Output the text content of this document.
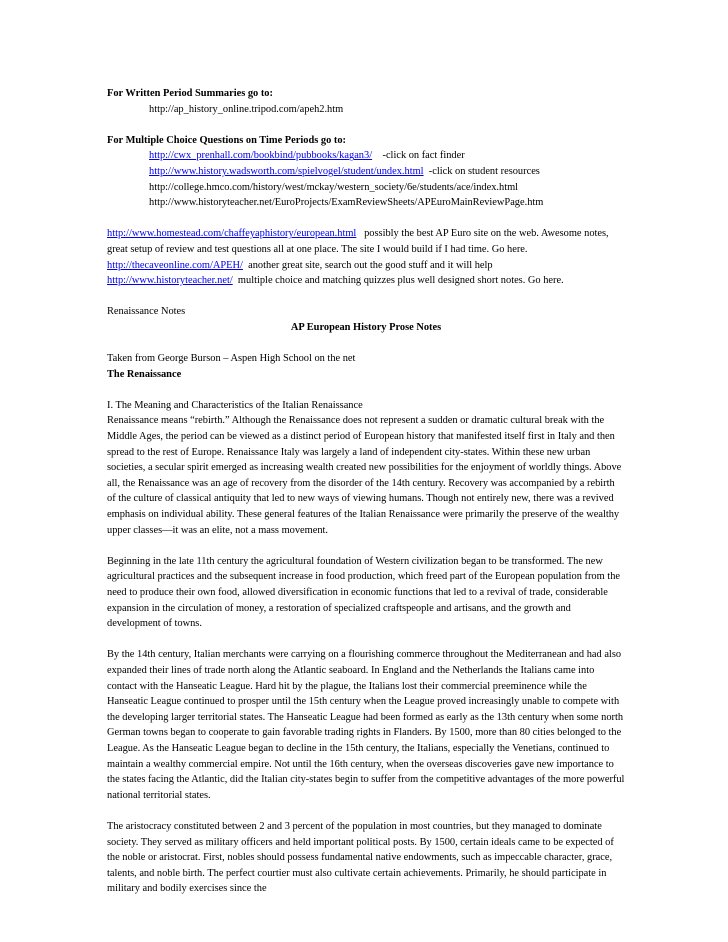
For Written Period Summaries go to:
http://ap_history_online.tripod.com/apeh2.htm
For Multiple Choice Questions on Time Periods go to:
http://cwx_prenhall.com/bookbind/pubbooks/kagan3/ -click on fact finder
http://www.history.wadsworth.com/spielvogel/student/undex.html -click on student resources
http://college.hmco.com/history/west/mckay/western_society/6e/students/ace/index.html
http://www.historyteacher.net/EuroProjects/ExamReviewSheets/APEuroMainReviewPage.htm

http://www.homestead.com/chaffeyaphistory/european.html possibly the best AP Euro site on the web. Awesome notes, great setup of review and test questions all at one place. The site I would build if I had time. Go here.

http://thecaveonline.com/APEH/ another great site, search out the good stuff and it will help

http://www.historyteacher.net/ multiple choice and matching quizzes plus well designed short notes. Go here.

Renaissance Notes
AP European History Prose Notes
Taken from George Burson – Aspen High School on the net
The Renaissance
I. The Meaning and Characteristics of the Italian Renaissance

Renaissance means “rebirth.” Although the Renaissance does not represent a sudden or dramatic cultural break with the Middle Ages, the period can be viewed as a distinct period of European history that manifested itself first in Italy and then spread to the rest of Europe. Renaissance Italy was largely a land of independent city-states. Within these new urban societies, a secular spirit emerged as increasing wealth created new possibilities for the enjoyment of worldly things. Above all, the Renaissance was an age of recovery from the disorder of the 14th century. Recovery was accompanied by a rebirth of the culture of classical antiquity that led to new ways of viewing humans. Though not entirely new, there was a revived emphasis on individual ability. These general features of the Italian Renaissance were primarily the preserve of the wealthy upper classes—it was an elite, not a mass movement.

Beginning in the late 11th century the agricultural foundation of Western civilization began to be transformed. The new agricultural practices and the subsequent increase in food production, which freed part of the European population from the need to produce their own food, allowed diversification in economic functions that led to a revival of trade, considerable expansion in the circulation of money, a restoration of specialized craftspeople and artisans, and the growth and development of towns.

By the 14th century, Italian merchants were carrying on a flourishing commerce throughout the Mediterranean and had also expanded their lines of trade north along the Atlantic seaboard. In England and the Netherlands the Italians came into contact with the Hanseatic League. Hard hit by the plague, the Italians lost their commercial preeminence while the Hanseatic League continued to prosper until the 15th century when the League proved increasingly unable to compete with the developing larger territorial states. The Hanseatic League had been formed as early as the 13th century when some north German towns began to cooperate to gain favorable trading rights in Flanders. By 1500, more than 80 cities belonged to the League. As the Hanseatic League began to decline in the 15th century, the Italians, especially the Venetians, continued to maintain a wealthy commercial empire. Not until the 16th century, when the overseas discoveries gave new importance to the states facing the Atlantic, did the Italian city-states begin to suffer from the competitive advantages of the more powerful national territorial states.

The aristocracy constituted between 2 and 3 percent of the population in most countries, but they managed to dominate society. They served as military officers and held important political posts. By 1500, certain ideals came to be expected of the noble or aristocrat. First, nobles should possess fundamental native endowments, such as impeccable character, grace, talents, and noble birth. The perfect courtier must also cultivate certain achievements. Primarily, he should participate in military and bodily exercises since the
